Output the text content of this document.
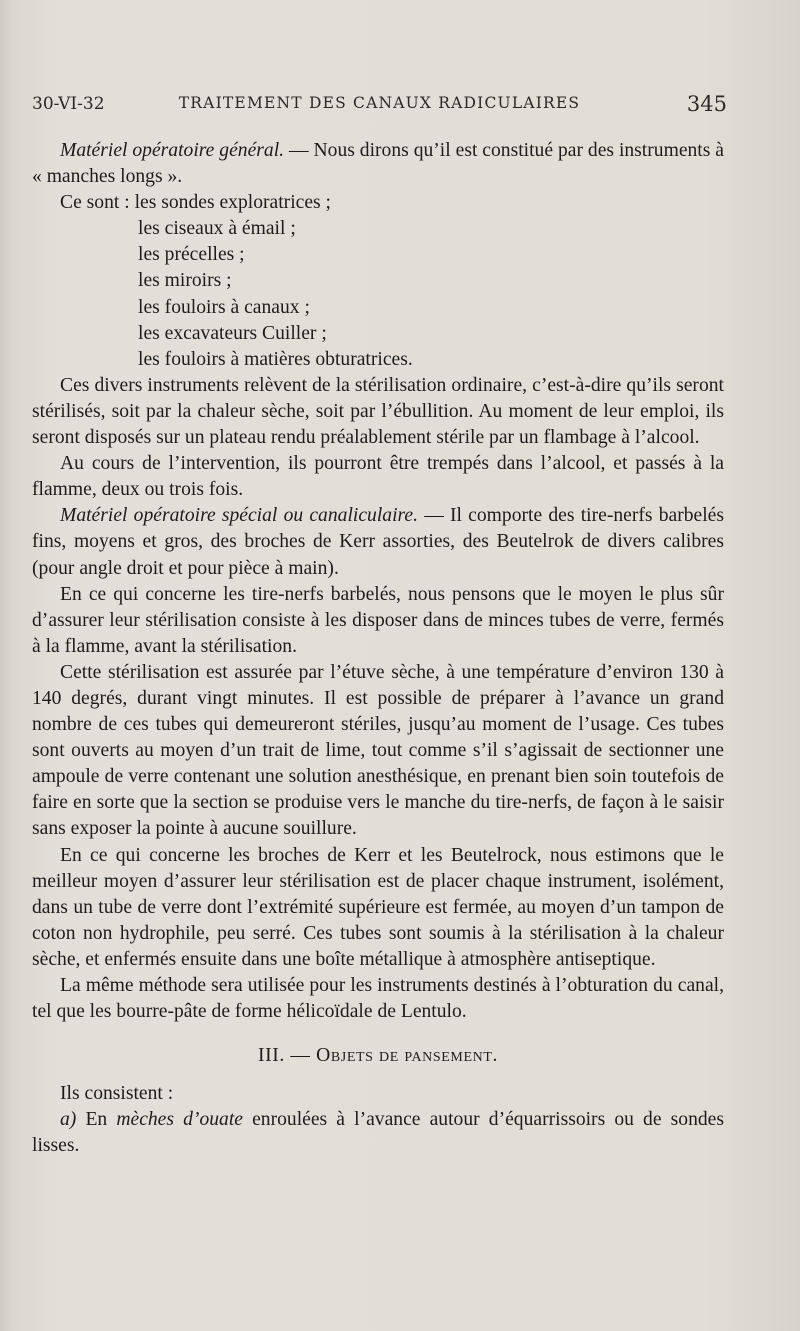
30-VI-32	TRAITEMENT DES CANAUX RADICULAIRES	345

Matériel opératoire général. — Nous dirons qu’il est constitué par des instruments à « manches longs ».

Ce sont : les sondes exploratrices ;
les ciseaux à émail ;
les précelles ;
les miroirs ;
les fouloirs à canaux ;
les excavateurs Cuiller ;
les fouloirs à matières obturatrices.

Ces divers instruments relèvent de la stérilisation ordinaire, c’est-à-dire qu’ils seront stérilisés, soit par la chaleur sèche, soit par l’ébullition. Au moment de leur emploi, ils seront disposés sur un plateau rendu préalablement stérile par un flambage à l’alcool.

Au cours de l’intervention, ils pourront être trempés dans l’alcool, et passés à la flamme, deux ou trois fois.

Matériel opératoire spécial ou canaliculaire. — Il comporte des tire-nerfs barbelés fins, moyens et gros, des broches de Kerr assorties, des Beutelrok de divers calibres (pour angle droit et pour pièce à main).

En ce qui concerne les tire-nerfs barbelés, nous pensons que le moyen le plus sûr d’assurer leur stérilisation consiste à les disposer dans de minces tubes de verre, fermés à la flamme, avant la stérilisation.

Cette stérilisation est assurée par l’étuve sèche, à une température d’environ 130 à 140 degrés, durant vingt minutes. Il est possible de préparer à l’avance un grand nombre de ces tubes qui demeureront stériles, jusqu’au moment de l’usage. Ces tubes sont ouverts au moyen d’un trait de lime, tout comme s’il s’agissait de sectionner une ampoule de verre contenant une solution anesthésique, en prenant bien soin toutefois de faire en sorte que la section se produise vers le manche du tire-nerfs, de façon à le saisir sans exposer la pointe à aucune souillure.

En ce qui concerne les broches de Kerr et les Beutelrock, nous estimons que le meilleur moyen d’assurer leur stérilisation est de placer chaque instrument, isolément, dans un tube de verre dont l’extrémité supérieure est fermée, au moyen d’un tampon de coton non hydrophile, peu serré. Ces tubes sont soumis à la stérilisation à la chaleur sèche, et enfermés ensuite dans une boîte métallique à atmosphère antiseptique.

La même méthode sera utilisée pour les instruments destinés à l’obturation du canal, tel que les bourre-pâte de forme hélicoïdale de Lentulo.

III. — Objets de pansement.

Ils consistent :

a) En mèches d’ouate enroulées à l’avance autour d’équarrissoirs ou de sondes lisses.
